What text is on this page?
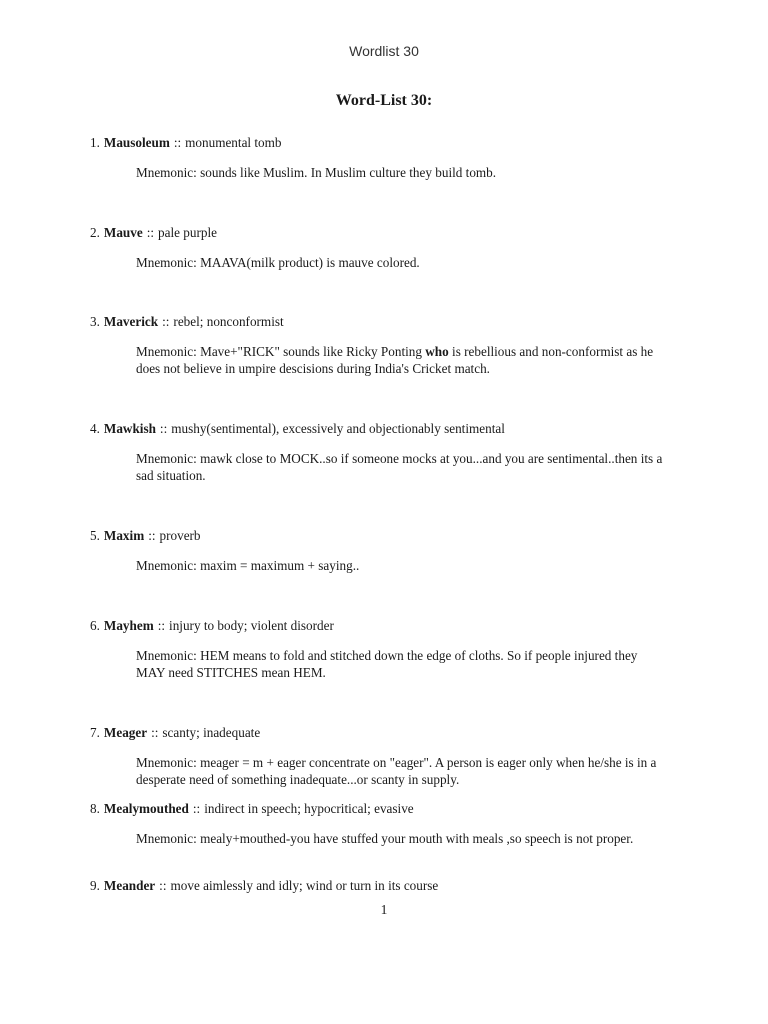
Wordlist 30
Word-List 30:
1. Mausoleum :: monumental tomb
Mnemonic: sounds like Muslim. In Muslim culture they build tomb.
2. Mauve :: pale purple
Mnemonic: MAAVA(milk product) is mauve colored.
3. Maverick :: rebel; nonconformist
Mnemonic: Mave+"RICK" sounds like Ricky Ponting who is rebellious and non-conformist as he does not believe in umpire descisions during India's Cricket match.
4. Mawkish :: mushy(sentimental), excessively and objectionably sentimental
Mnemonic: mawk close to MOCK..so if someone mocks at you...and you are sentimental..then its a sad situation.
5. Maxim :: proverb
Mnemonic: maxim = maximum + saying..
6. Mayhem :: injury to body; violent disorder
Mnemonic: HEM means to fold and stitched down the edge of cloths. So if people injured they MAY need STITCHES mean HEM.
7. Meager :: scanty; inadequate
Mnemonic: meager = m + eager concentrate on "eager". A person is eager only when he/she is in a desperate need of something inadequate...or scanty in supply.
8. Mealymouthed :: indirect in speech; hypocritical; evasive
Mnemonic: mealy+mouthed-you have stuffed your mouth with meals ,so speech is not proper.
9. Meander :: move aimlessly and idly; wind or turn in its course
1
